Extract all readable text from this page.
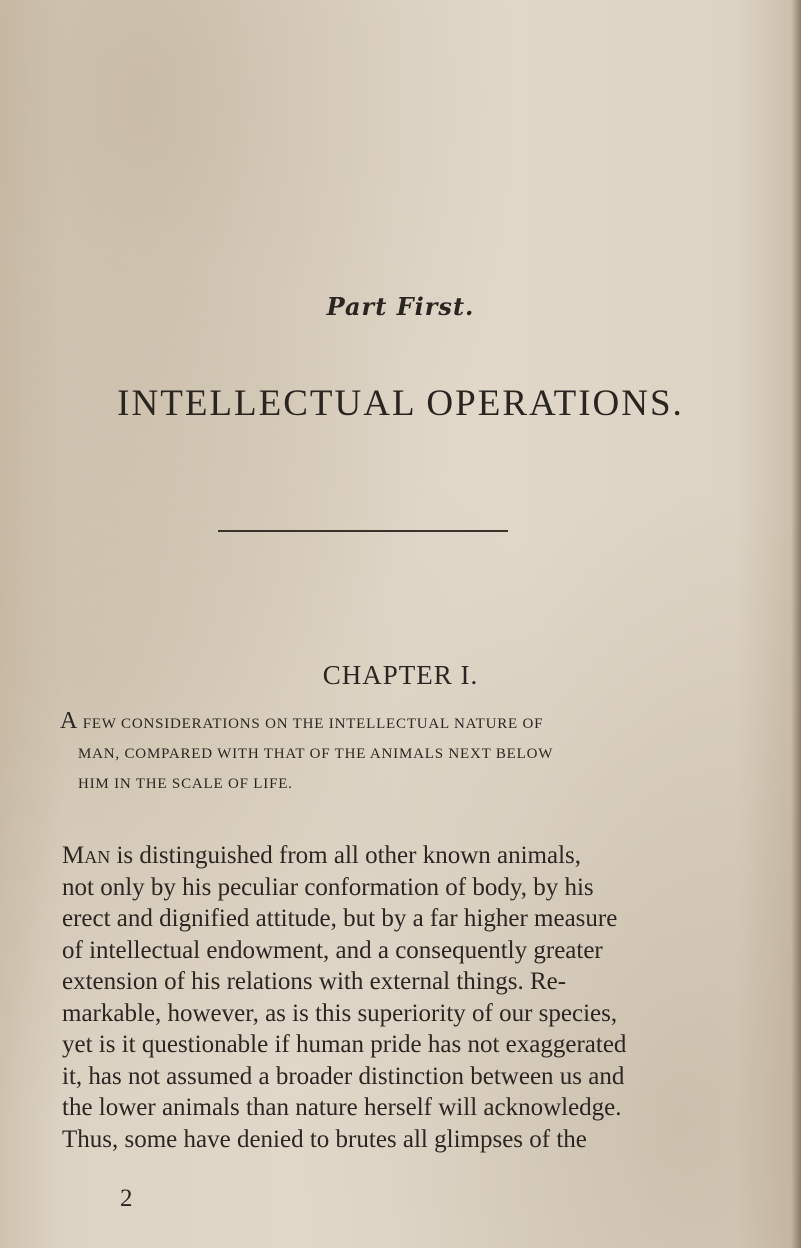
Part First.
INTELLECTUAL OPERATIONS.
CHAPTER I.
A FEW CONSIDERATIONS ON THE INTELLECTUAL NATURE OF
MAN, COMPARED WITH THAT OF THE ANIMALS NEXT BELOW
HIM IN THE SCALE OF LIFE.
Man is distinguished from all other known animals,
not only by his peculiar conformation of body, by his
erect and dignified attitude, but by a far higher measure
of intellectual endowment, and a consequently greater
extension of his relations with external things. Re-
markable, however, as is this superiority of our species,
yet is it questionable if human pride has not exaggerated
it, has not assumed a broader distinction between us and
the lower animals than nature herself will acknowledge.
Thus, some have denied to brutes all glimpses of the
2
